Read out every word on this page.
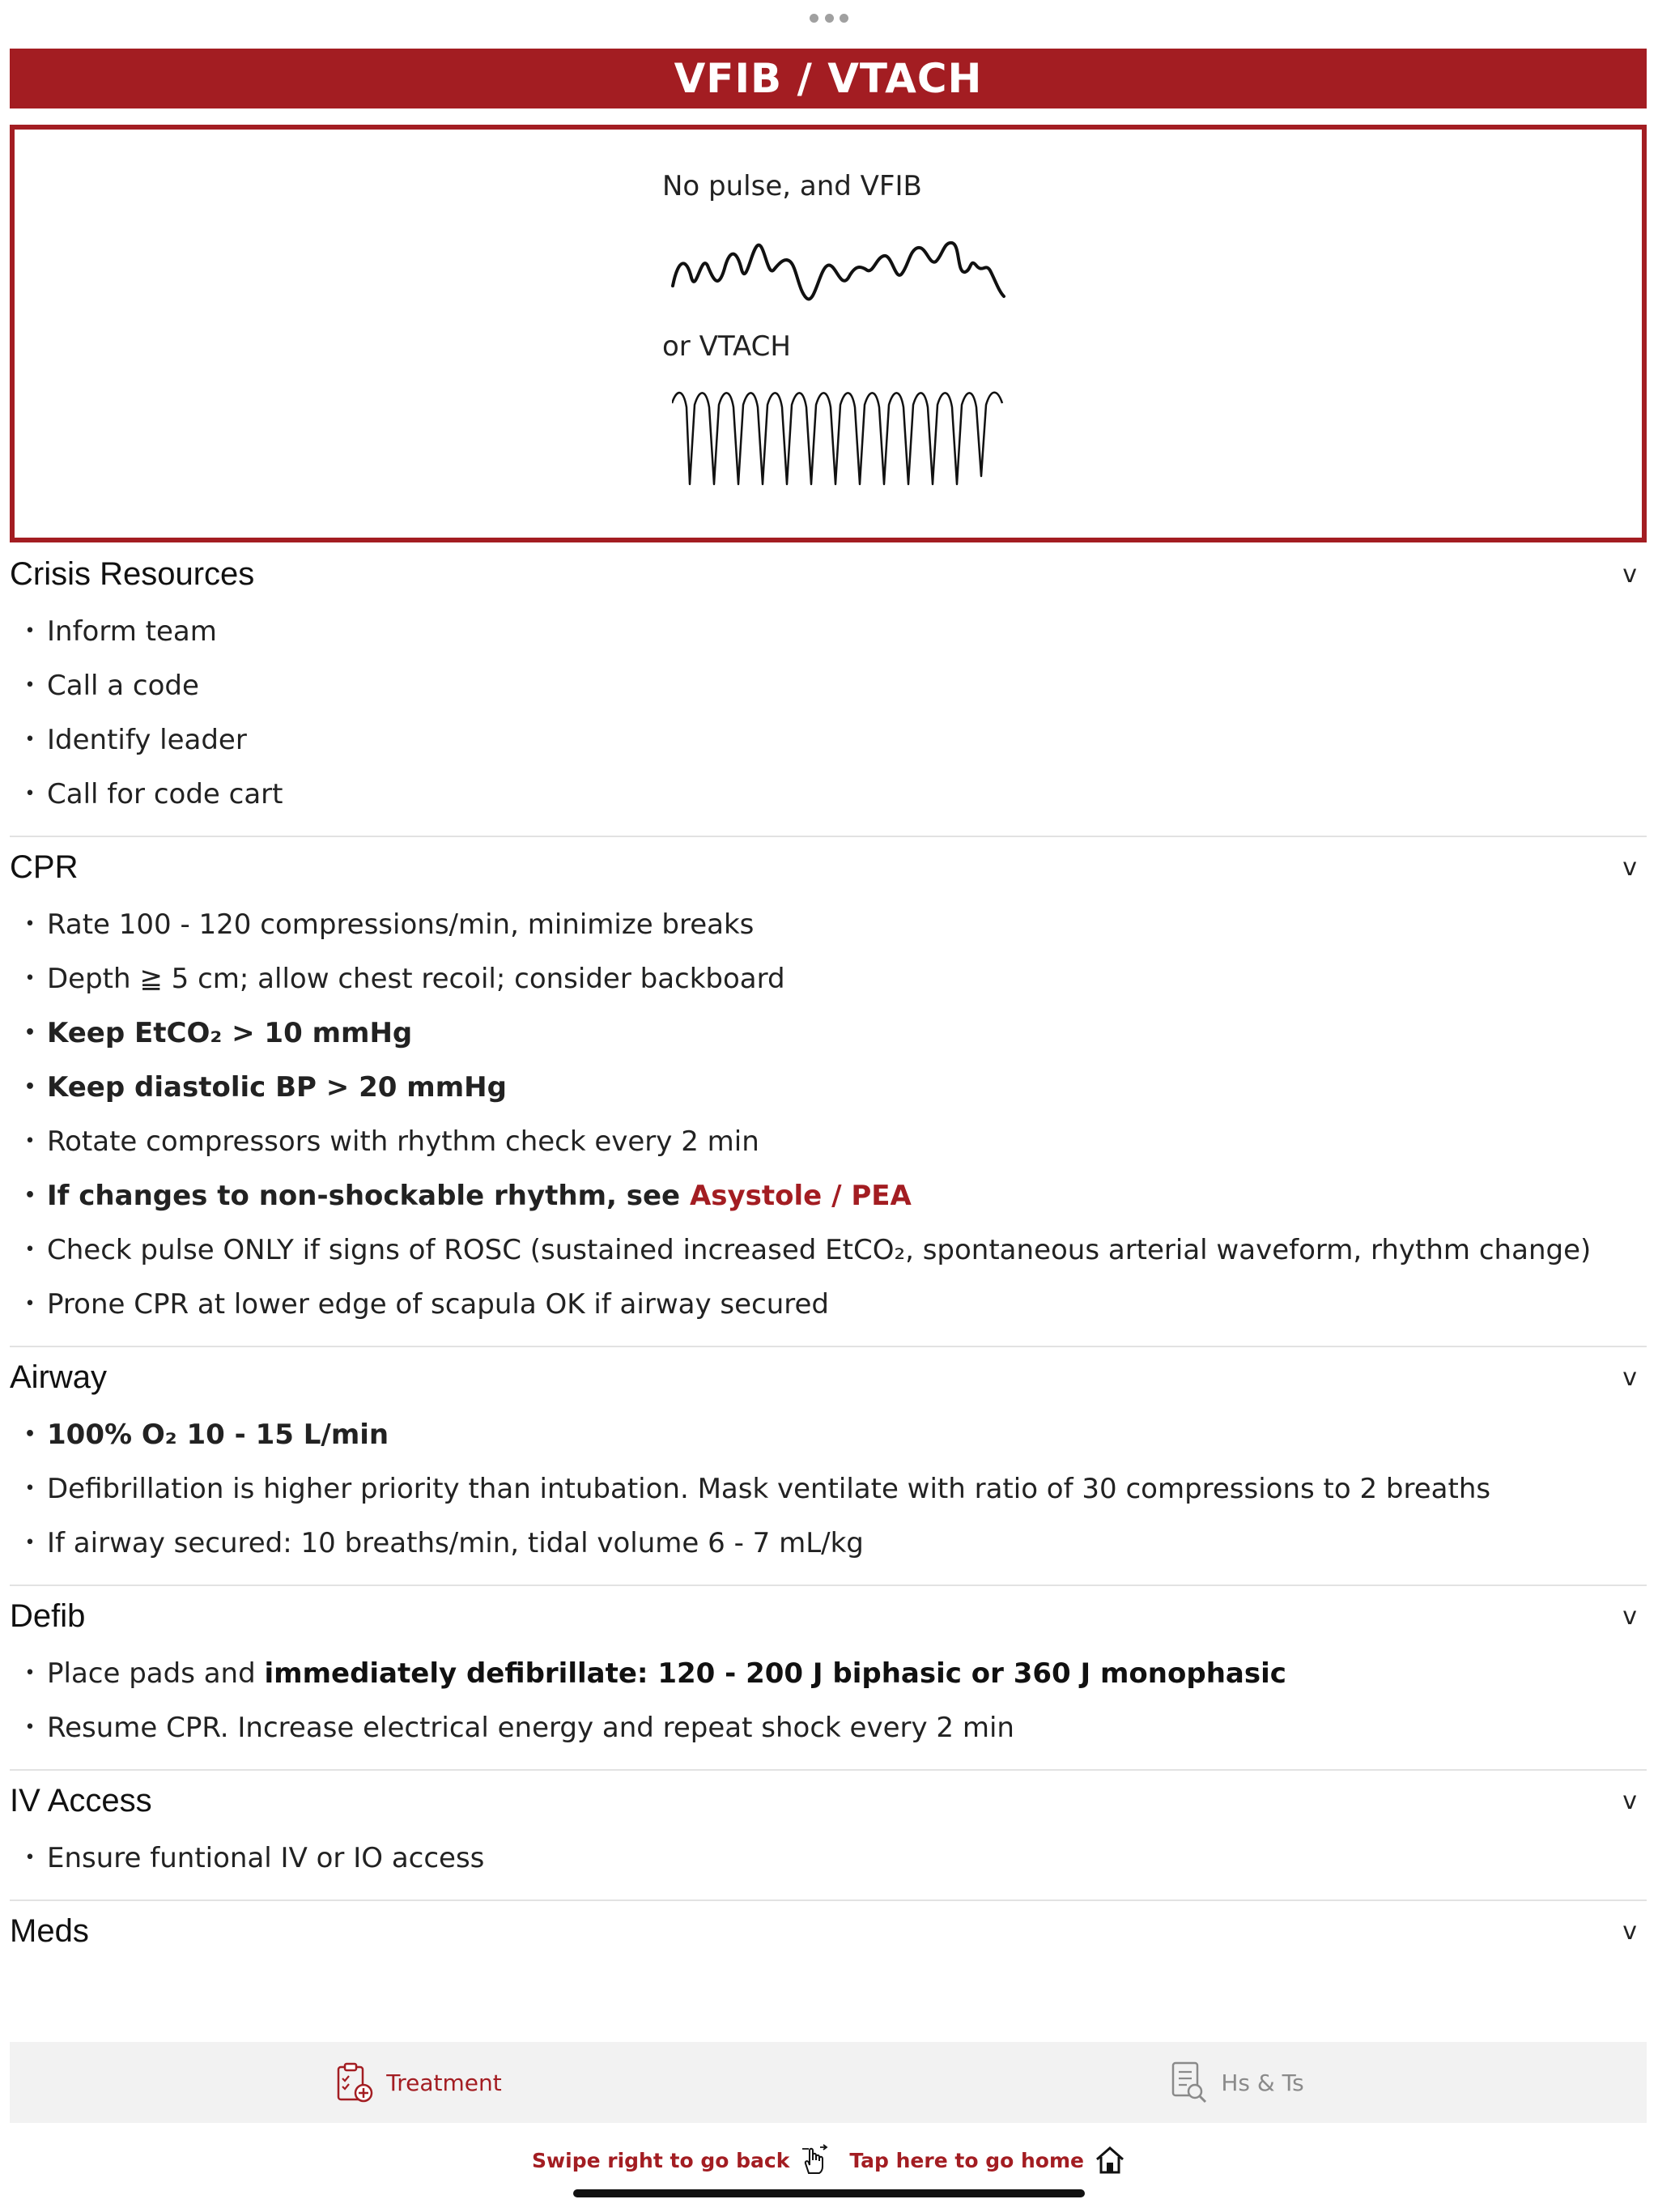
VFIB / VTACH
No pulse, and VFIB
or VTACH
Crisis Resources	v
• Inform team
• Call a code
• Identify leader
• Call for code cart
CPR	v
• Rate 100 - 120 compressions/min, minimize breaks
• Depth ≧ 5 cm; allow chest recoil; consider backboard
• Keep EtCO₂ > 10 mmHg
• Keep diastolic BP > 20 mmHg
• Rotate compressors with rhythm check every 2 min
• If changes to non-shockable rhythm, see Asystole / PEA
• Check pulse ONLY if signs of ROSC (sustained increased EtCO₂, spontaneous arterial waveform, rhythm change)
• Prone CPR at lower edge of scapula OK if airway secured
Airway	v
• 100% O₂ 10 - 15 L/min
• Defibrillation is higher priority than intubation. Mask ventilate with ratio of 30 compressions to 2 breaths
• If airway secured: 10 breaths/min, tidal volume 6 - 7 mL/kg
Defib	v
• Place pads and immediately defibrillate: 120 - 200 J biphasic or 360 J monophasic
• Resume CPR. Increase electrical energy and repeat shock every 2 min
IV Access	v
• Ensure funtional IV or IO access
Meds	v
Treatment	Hs & Ts
Swipe right to go back	Tap here to go home
